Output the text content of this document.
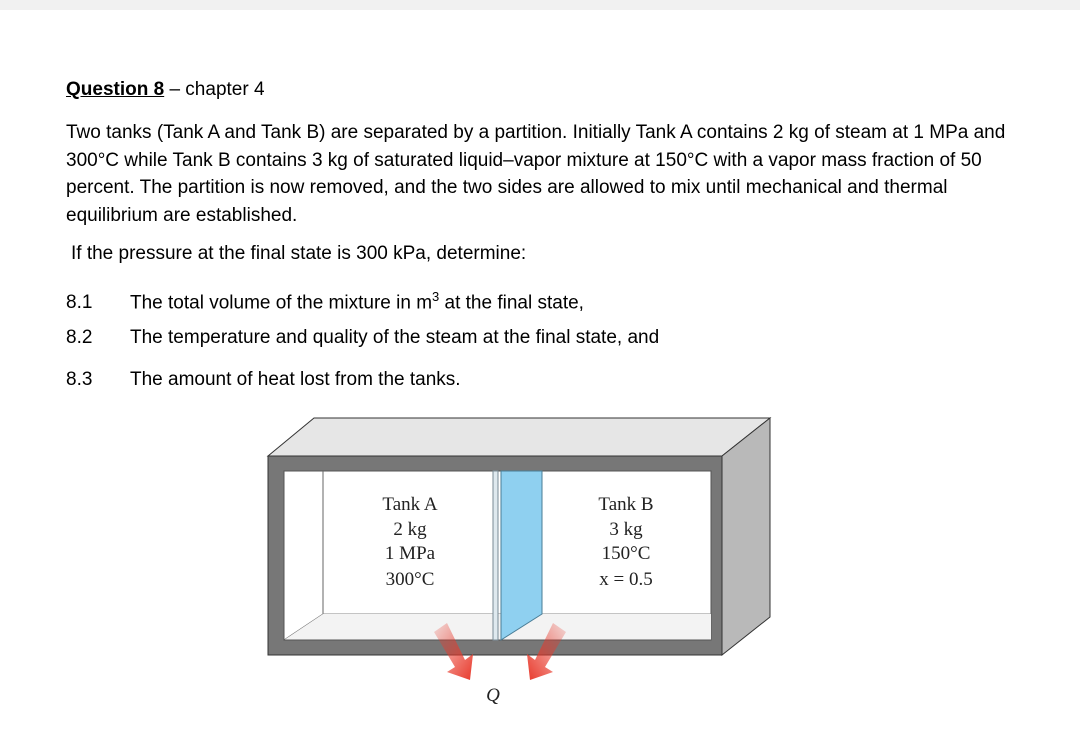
Question 8 – chapter 4

Two tanks (Tank A and Tank B) are separated by a partition. Initially Tank A contains 2 kg of steam at 1 MPa and 300°C while Tank B contains 3 kg of saturated liquid–vapor mixture at 150°C with a vapor mass fraction of 50 percent. The partition is now removed, and the two sides are allowed to mix until mechanical and thermal equilibrium are established.

If the pressure at the final state is 300 kPa, determine:
8.1 The total volume of the mixture in $m^3$ at the final state,
8.2 The temperature and quality of the steam at the final state, and
8.3 The amount of heat lost from the tanks.
Tank A
2 kg
1 MPa
300°C
Tank B
3 kg
150°C
x = 0.5
Q
